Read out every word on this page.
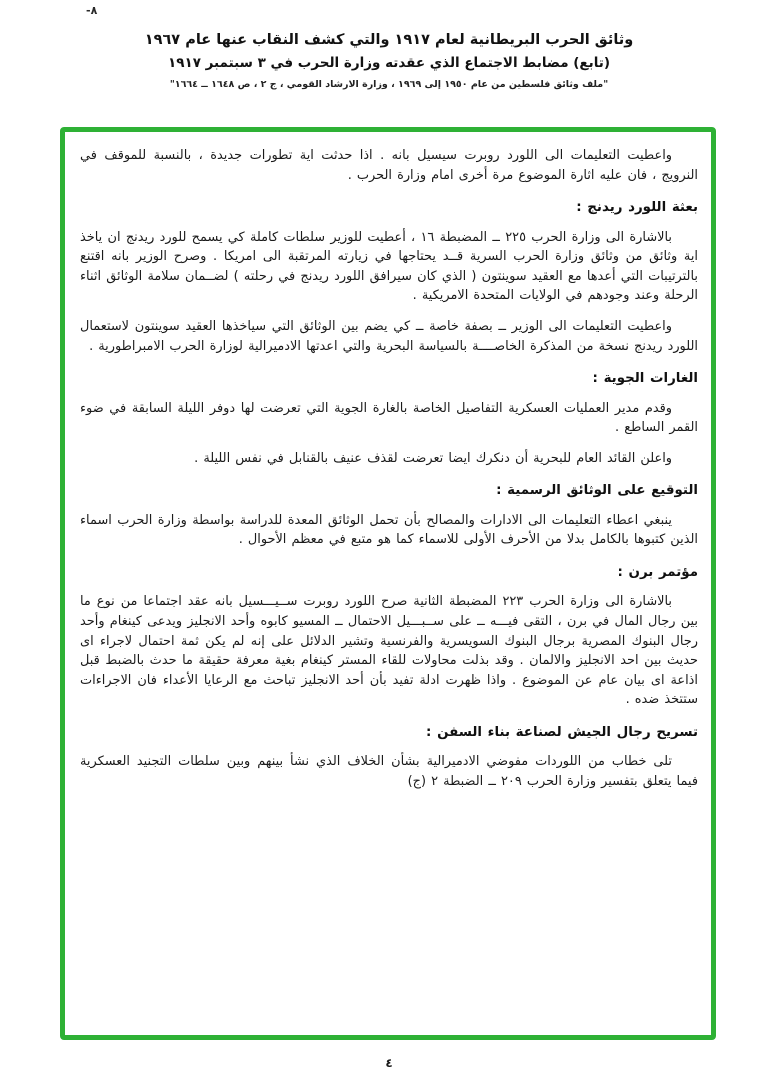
-٨
وثائق الحرب البريطانية لعام ١٩١٧ والتي كشف النقاب عنها عام ١٩٦٧
(تابع) مضابط الاجتماع الذي عقدته وزارة الحرب في ٣ سبتمبر ١٩١٧
"ملف وثائق فلسطين من عام ١٩٥٠ إلى ١٩٦٩ ، وزارة الارشاد القومي ، ج ٢ ، ص ١٦٤٨ ــ ١٦٦٤"

واعطيت التعليمات الى اللورد روبرت سيسيل بانه . اذا حدثت اية تطورات جديدة ، بالنسبة للموقف في النرويج ، فان عليه اثارة الموضوع مرة أخرى امام وزارة الحرب .

بعثة اللورد ريدنج :

بالاشارة الى وزارة الحرب ٢٢٥ ــ المضبطة ١٦ ، أعطيت للوزير سلطات كاملة كي يسمح للورد ريدنج ان ياخذ اية وثائق من وثائق وزارة الحرب السرية قــد يحتاجها في زيارته المرتقبة الى امريكا . وصرح الوزير بانه اقتنع بالترتيبات التي أعدها مع العقيد سوينتون ( الذي كان سيرافق اللورد ريدنج في رحلته ) لضــمان سلامة الوثائق اثناء الرحلة وعند وجودهم في الولايات المتحدة الامريكية .

واعطيت التعليمات الى الوزير ــ بصفة خاصة ــ كي يضم بين الوثائق التي سياخذها العقيد سوينتون لاستعمال اللورد ريدنج نسخة من المذكرة الخاصــــة بالسياسة البحرية والتي اعدتها الادميرالية لوزارة الحرب الامبراطورية .

الغارات الجوية :

وقدم مدير العمليات العسكرية التفاصيل الخاصة بالغارة الجوية التي تعرضت لها دوفر الليلة السابقة في ضوء القمر الساطع .

واعلن القائد العام للبحرية أن دنكرك ايضا تعرضت لقذف عنيف بالقنابل في نفس الليلة .

التوقيع على الوثائق الرسمية :

ينبغي اعطاء التعليمات الى الادارات والمصالح بأن تحمل الوثائق المعدة للدراسة بواسطة وزارة الحرب اسماء الذين كتبوها بالكامل بدلا من الأحرف الأولى للاسماء كما هو متبع في معظم الأحوال .

مؤتمر برن :

بالاشارة الى وزارة الحرب ٢٢٣ المضبطة الثانية صرح اللورد روبرت ســيـــسيل بانه عقد اجتماعا من نوع ما بين رجال المال في برن ، التقى فيـــه ــ على ســبـــيل الاحتمال ــ المسيو كابوه وأحد الانجليز ويدعى كينغام وأحد رجال البنوك المصرية برجال البنوك السويسرية والفرنسية وتشير الدلائل على إنه لم يكن ثمة احتمال لاجراء اى حديث بين احد الانجليز والالمان . وقد بذلت محاولات للقاء المستر كينغام بغية معرفة حقيقة ما حدث بالضبط قبل اذاعة اى بيان عام عن الموضوع . واذا ظهرت ادلة تفيد بأن أحد الانجليز تباحث مع الرعايا الأعداء فان الاجراءات ستتخذ ضده .

تسريح رجال الجيش لصناعة بناء السفن :

تلى خطاب من اللوردات مفوضي الادميرالية بشأن الخلاف الذي نشأ بينهم وبين سلطات التجنيد العسكرية فيما يتعلق بتفسير وزارة الحرب ٢٠٩ ــ الضبطة ٢ (ج)

٤
